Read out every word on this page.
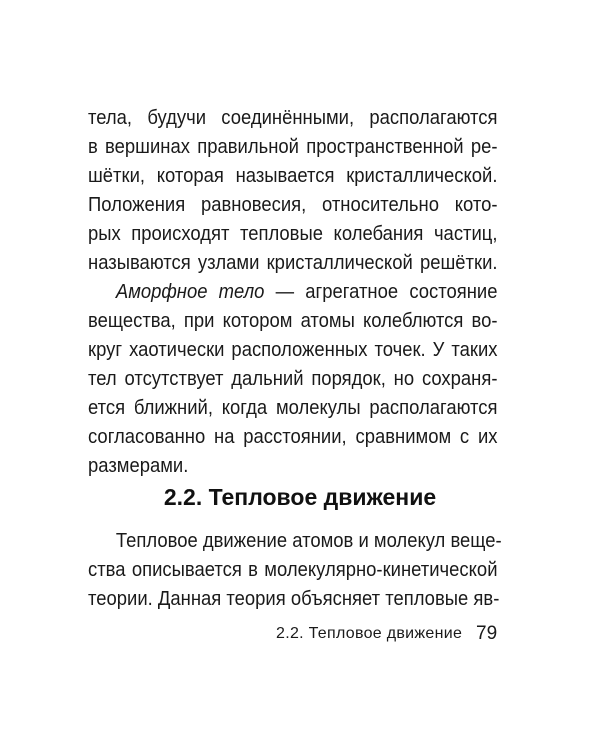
тела, будучи соединёнными, располагаются
в вершинах правильной пространственной ре-
шётки, которая называется кристаллической.
Положения равновесия, относительно кото-
рых происходят тепловые колебания частиц,
называются узлами кристаллической решётки.
Аморфное тело — агрегатное состояние
вещества, при котором атомы колеблются во-
круг хаотически расположенных точек. У таких
тел отсутствует дальний порядок, но сохраня-
ется ближний, когда молекулы располагаются
согласованно на расстоянии, сравнимом с их
размерами.
2.2. Тепловое движение
Тепловое движение атомов и молекул веще-
ства описывается в молекулярно-кинетической
теории. Данная теория объясняет тепловые яв-
2.2. Тепловое движение 79
